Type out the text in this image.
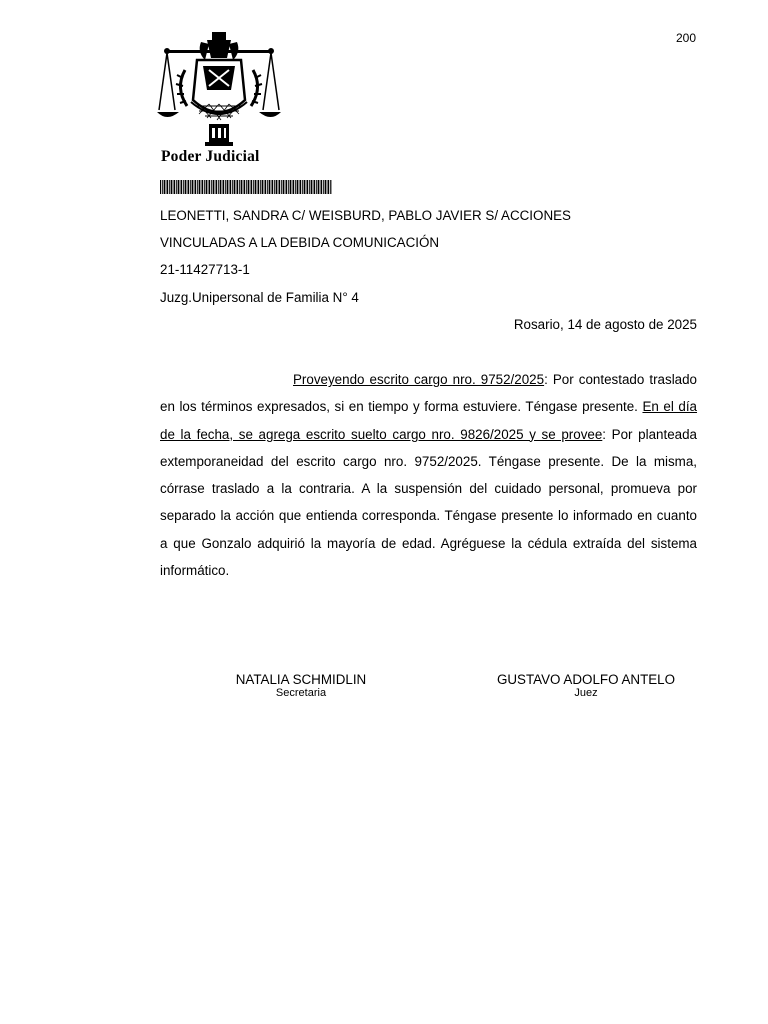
200
Poder Judicial
LEONETTI, SANDRA C/ WEISBURD, PABLO JAVIER S/ ACCIONES
VINCULADAS A LA DEBIDA COMUNICACIÓN
21-11427713-1
Juzg.Unipersonal de Familia N° 4
Rosario, 14 de agosto de 2025

Proveyendo escrito cargo nro. 9752/2025: Por contestado traslado en los términos expresados, si en tiempo y forma estuviere. Téngase presente. En el día de la fecha, se agrega escrito suelto cargo nro. 9826/2025 y se provee: Por planteada extemporaneidad del escrito cargo nro. 9752/2025. Téngase presente. De la misma, córrase traslado a la contraria. A la suspensión del cuidado personal, promueva por separado la acción que entienda corresponda. Téngase presente lo informado en cuanto a que Gonzalo adquirió la mayoría de edad. Agréguese la cédula extraída del sistema informático.

NATALIA SCHMIDLIN
Secretaria
GUSTAVO ADOLFO ANTELO
Juez
